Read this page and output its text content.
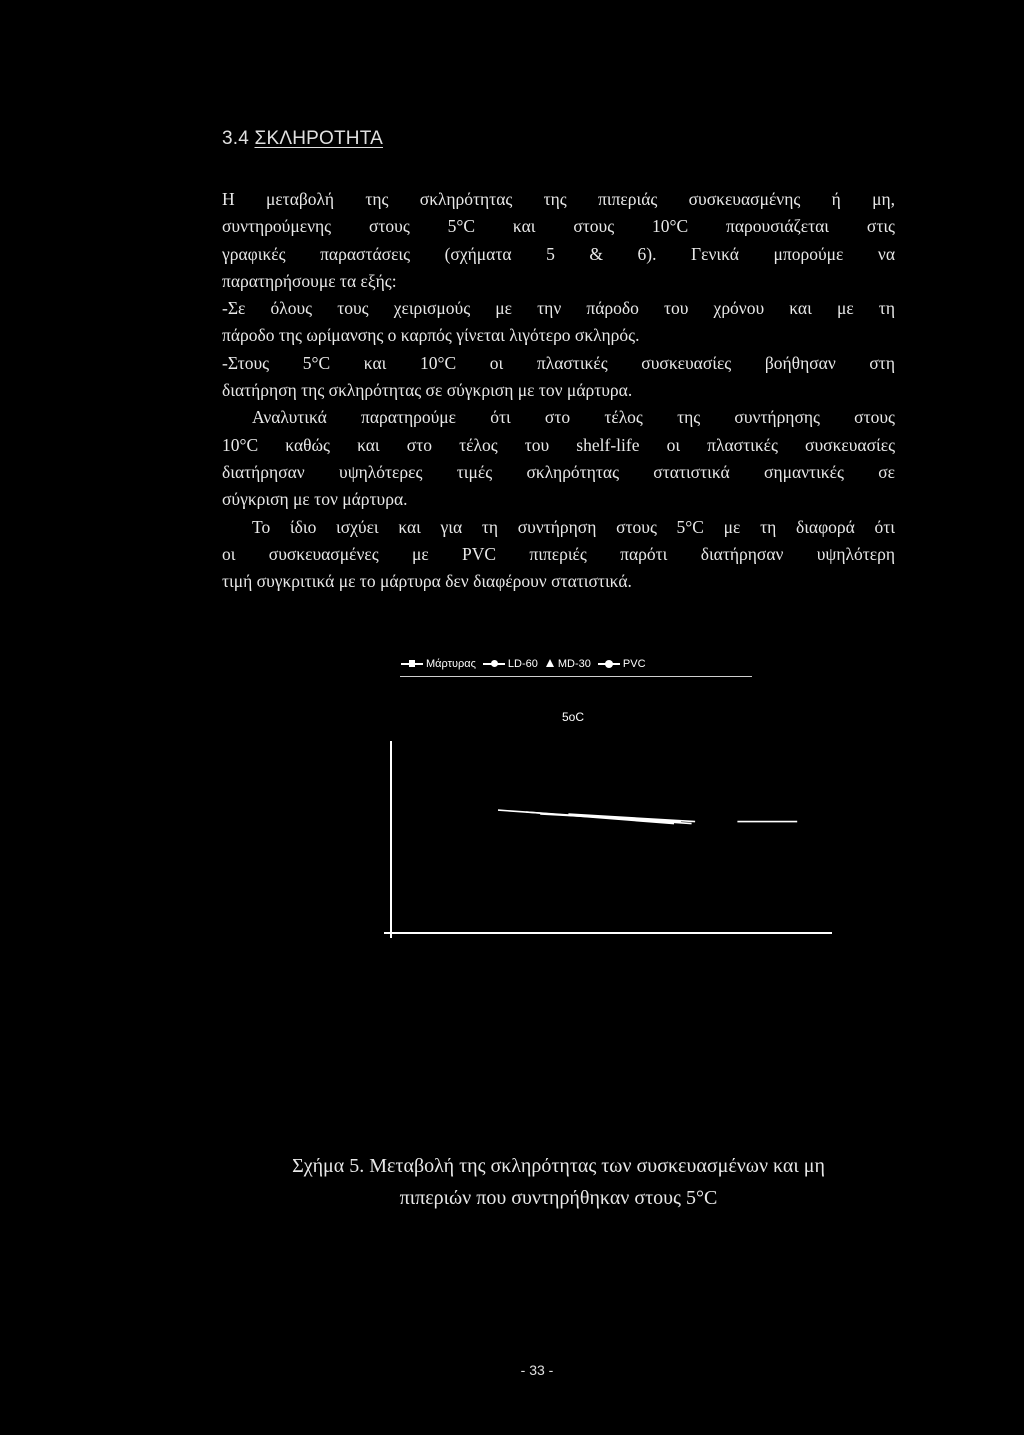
3.4 ΣΚΛΗΡΟΤΗΤΑ

Η μεταβολή της σκληρότητας της πιπεριάς συσκευασμένης ή μη,

συντηρούμενης στους 5°C και στους 10°C παρουσιάζεται στις

γραφικές παραστάσεις (σχήματα 5 & 6). Γενικά μπορούμε να

παρατηρήσουμε τα εξής:

-Σε όλους τους χειρισμούς με την πάροδο του χρόνου και με τη

πάροδο της ωρίμανσης ο καρπός γίνεται λιγότερο σκληρός.

-Στους 5°C και 10°C οι πλαστικές συσκευασίες βοήθησαν στη

διατήρηση της σκληρότητας σε σύγκριση με τον μάρτυρα.

Αναλυτικά παρατηρούμε ότι στο τέλος της συντήρησης στους

10°C καθώς και στο τέλος του shelf-life οι πλαστικές συσκευασίες

διατήρησαν υψηλότερες τιμές σκληρότητας στατιστικά σημαντικές σε

σύγκριση με τον μάρτυρα.

Το ίδιο ισχύει και για τη συντήρηση στους 5°C με τη διαφορά ότι

οι συσκευασμένες με PVC πιπεριές παρότι διατήρησαν υψηλότερη

τιμή συγκριτικά με το μάρτυρα δεν διαφέρουν στατιστικά.

Μάρτυρας	LD-60 MD-30	PVC
5oC
Σχήμα 5. Μεταβολή της σκληρότητας των συσκευασμένων και μη
πιπεριών που συντηρήθηκαν στους 5°C
- 33 -
